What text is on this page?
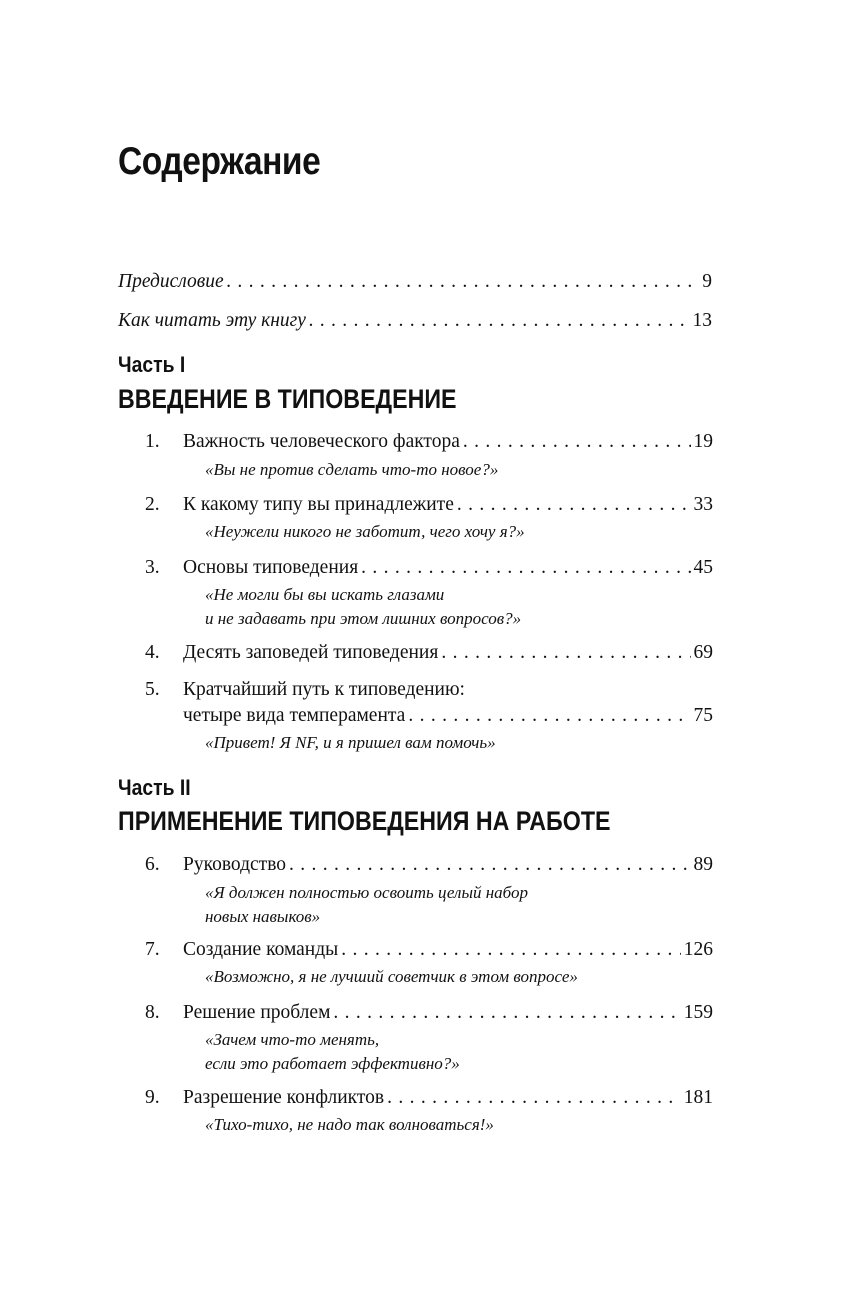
Содержание
Предисловие . . .	9
Как читать эту книгу . . .	13
Часть I
ВВЕДЕНИЕ В ТИПОВЕДЕНИЕ
1. Важность человеческого фактора . . .	19
«Вы не против сделать что-то новое?»
2. К какому типу вы принадлежите . . .	33
«Неужели никого не заботит, чего хочу я?»
3. Основы типоведения . . .	45
«Не могли бы вы искать глазами
и не задавать при этом лишних вопросов?»
4. Десять заповедей типоведения . . .	69
5. Кратчайший путь к типоведению:
четыре вида темперамента . . .	75
«Привет! Я NF, и я пришел вам помочь»
Часть II
ПРИМЕНЕНИЕ ТИПОВЕДЕНИЯ НА РАБОТЕ
6. Руководство . . .	89
«Я должен полностью освоить целый набор
новых навыков»
7. Создание команды . . .	126
«Возможно, я не лучший советчик в этом вопросе»
8. Решение проблем . . .	159
«Зачем что-то менять,
если это работает эффективно?»
9. Разрешение конфликтов . . .	181
«Тихо-тихо, не надо так волноваться!»
